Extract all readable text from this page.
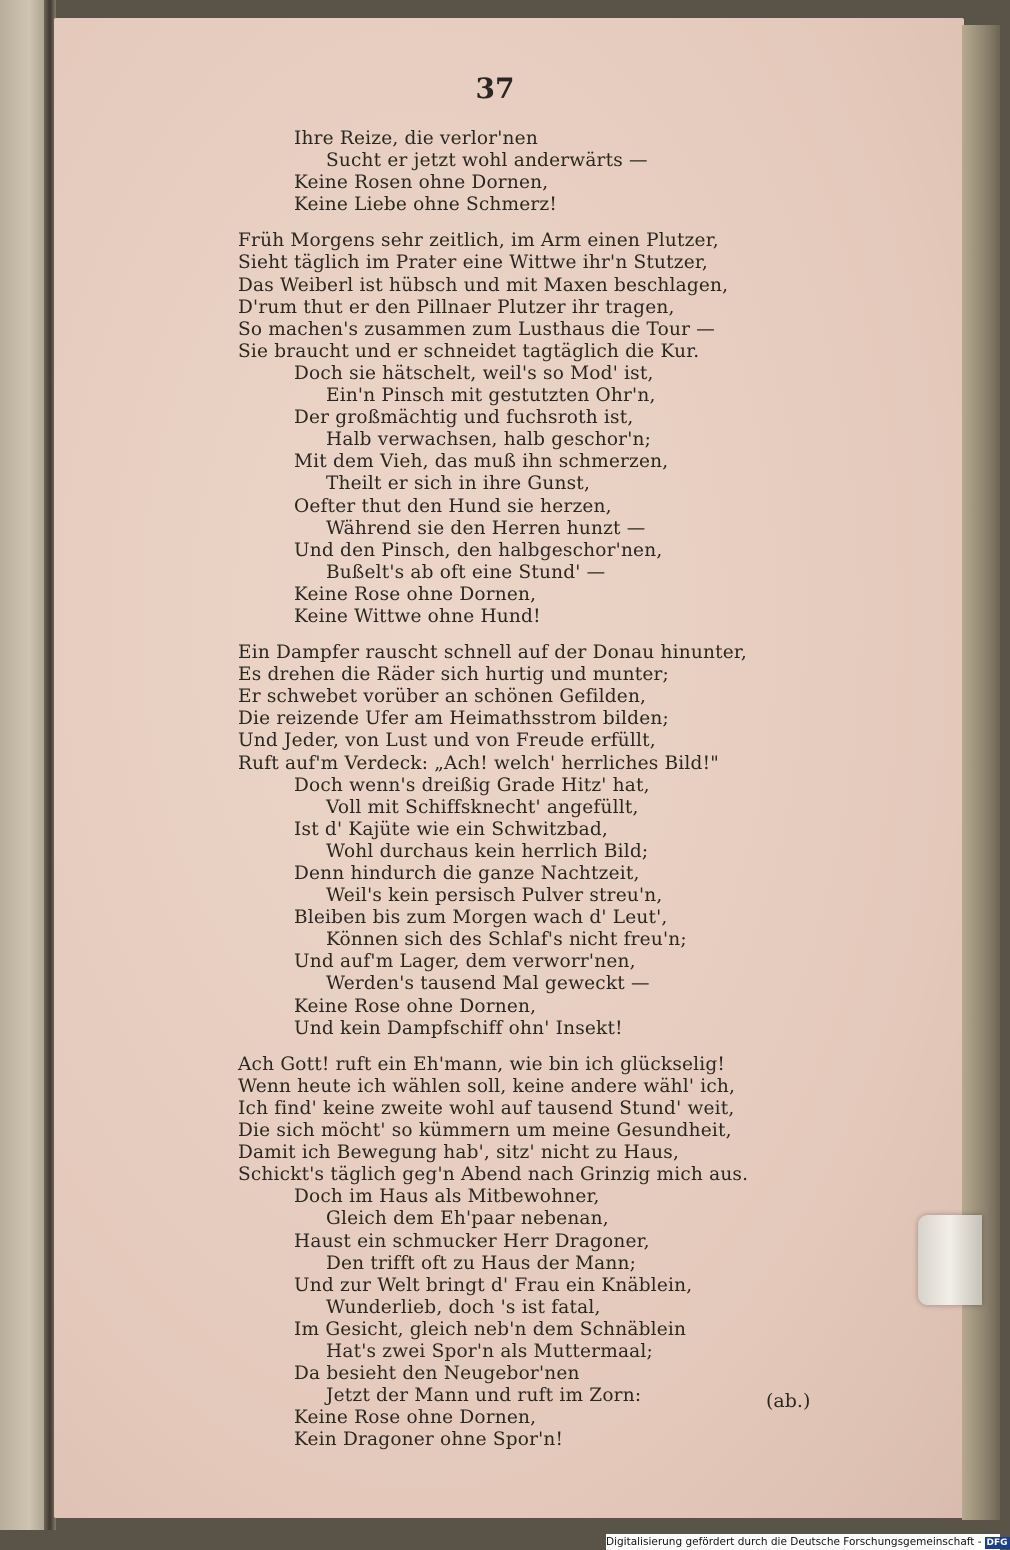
37
Ihre Reize, die verlor'nen
Sucht er jetzt wohl anderwärts —
Keine Rosen ohne Dornen,
Keine Liebe ohne Schmerz!
Früh Morgens sehr zeitlich, im Arm einen Plutzer,
Sieht täglich im Prater eine Wittwe ihr'n Stutzer,
Das Weiberl ist hübsch und mit Maxen beschlagen,
D'rum thut er den Pillnaer Plutzer ihr tragen,
So machen's zusammen zum Lusthaus die Tour —
Sie braucht und er schneidet tagtäglich die Kur.
Doch sie hätschelt, weil's so Mod' ist,
Ein'n Pinsch mit gestutzten Ohr'n,
Der großmächtig und fuchsroth ist,
Halb verwachsen, halb geschor'n;
Mit dem Vieh, das muß ihn schmerzen,
Theilt er sich in ihre Gunst,
Oefter thut den Hund sie herzen,
Während sie den Herren hunzt —
Und den Pinsch, den halbgeschor'nen,
Bußelt's ab oft eine Stund' —
Keine Rose ohne Dornen,
Keine Wittwe ohne Hund!
Ein Dampfer rauscht schnell auf der Donau hinunter,
Es drehen die Räder sich hurtig und munter;
Er schwebet vorüber an schönen Gefilden,
Die reizende Ufer am Heimathsstrom bilden;
Und Jeder, von Lust und von Freude erfüllt,
Ruft auf'm Verdeck: „Ach! welch' herrliches Bild!"
Doch wenn's dreißig Grade Hitz' hat,
Voll mit Schiffsknecht' angefüllt,
Ist d' Kajüte wie ein Schwitzbad,
Wohl durchaus kein herrlich Bild;
Denn hindurch die ganze Nachtzeit,
Weil's kein persisch Pulver streu'n,
Bleiben bis zum Morgen wach d' Leut',
Können sich des Schlaf's nicht freu'n;
Und auf'm Lager, dem verworr'nen,
Werden's tausend Mal geweckt —
Keine Rose ohne Dornen,
Und kein Dampfschiff ohn' Insekt!
Ach Gott! ruft ein Eh'mann, wie bin ich glückselig!
Wenn heute ich wählen soll, keine andere wähl' ich,
Ich find' keine zweite wohl auf tausend Stund' weit,
Die sich möcht' so kümmern um meine Gesundheit,
Damit ich Bewegung hab', sitz' nicht zu Haus,
Schickt's täglich geg'n Abend nach Grinzig mich aus.
Doch im Haus als Mitbewohner,
Gleich dem Eh'paar nebenan,
Haust ein schmucker Herr Dragoner,
Den trifft oft zu Haus der Mann;
Und zur Welt bringt d' Frau ein Knäblein,
Wunderlieb, doch 's ist fatal,
Im Gesicht, gleich neb'n dem Schnäblein
Hat's zwei Spor'n als Muttermaal;
Da besieht den Neugebor'nen
Jetzt der Mann und ruft im Zorn:
Keine Rose ohne Dornen,
Kein Dragoner ohne Spor'n!
(ab.)
Digitalisierung gefördert durch die Deutsche Forschungsgemeinschaft - DFG
